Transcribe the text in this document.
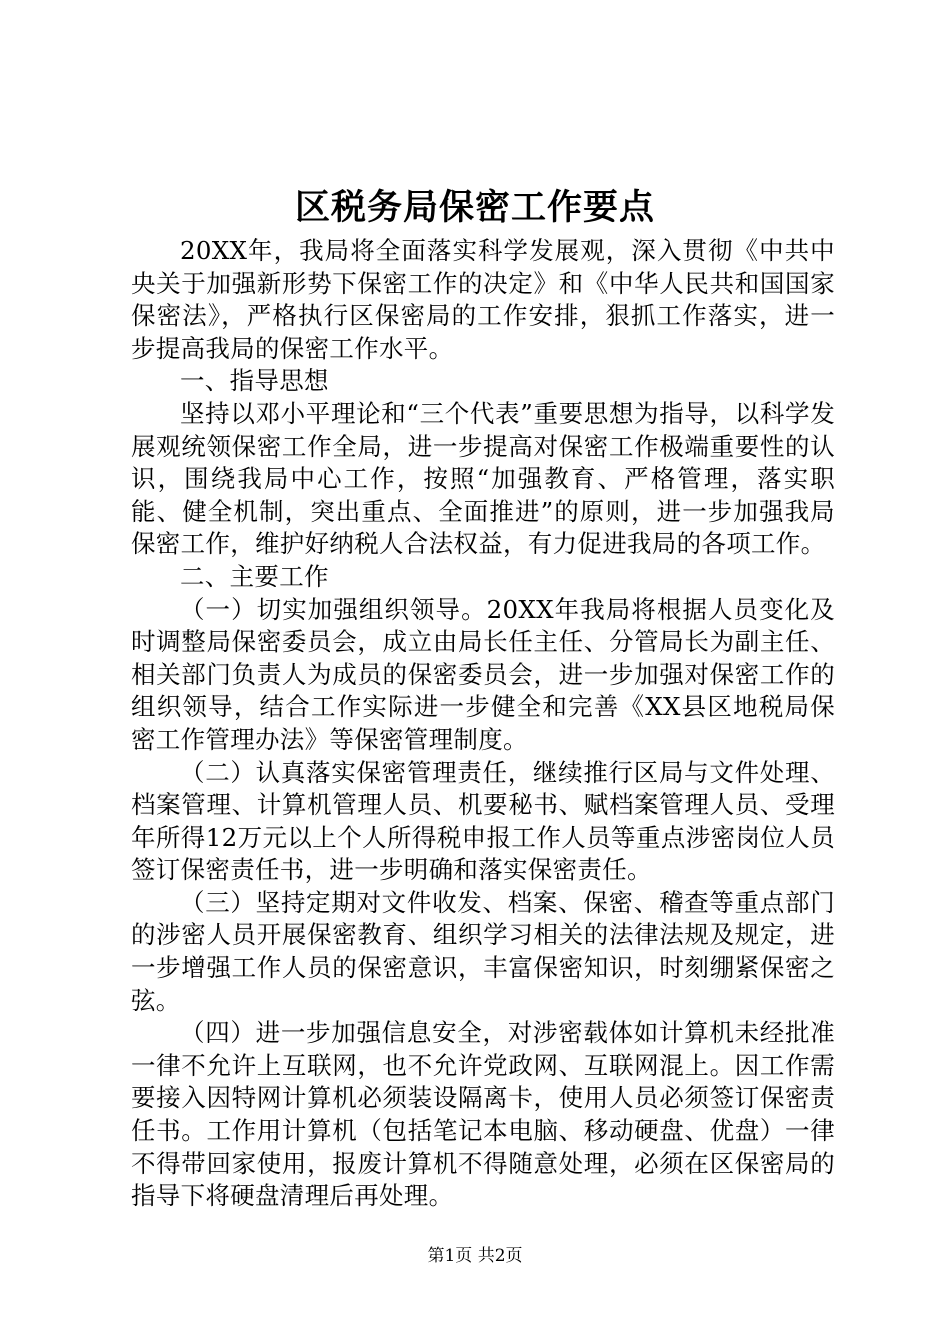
区税务局保密工作要点

20XX年，我局将全面落实科学发展观，深入贯彻《中共中央关于加强新形势下保密工作的决定》和《中华人民共和国国家保密法》，严格执行区保密局的工作安排，狠抓工作落实，进一步提高我局的保密工作水平。

一、指导思想

坚持以邓小平理论和“三个代表”重要思想为指导，以科学发展观统领保密工作全局，进一步提高对保密工作极端重要性的认识，围绕我局中心工作，按照“加强教育、严格管理，落实职能、健全机制，突出重点、全面推进”的原则，进一步加强我局保密工作，维护好纳税人合法权益，有力促进我局的各项工作。

二、主要工作

（一）切实加强组织领导。20XX年我局将根据人员变化及时调整局保密委员会，成立由局长任主任、分管局长为副主任、相关部门负责人为成员的保密委员会，进一步加强对保密工作的组织领导，结合工作实际进一步健全和完善《XX县区地税局保密工作管理办法》等保密管理制度。

（二）认真落实保密管理责任，继续推行区局与文件处理、档案管理、计算机管理人员、机要秘书、赋档案管理人员、受理年所得12万元以上个人所得税申报工作人员等重点涉密岗位人员签订保密责任书，进一步明确和落实保密责任。

（三）坚持定期对文件收发、档案、保密、稽查等重点部门的涉密人员开展保密教育、组织学习相关的法律法规及规定，进一步增强工作人员的保密意识，丰富保密知识，时刻绷紧保密之弦。

（四）进一步加强信息安全，对涉密载体如计算机未经批准一律不允许上互联网，也不允许党政网、互联网混上。因工作需要接入因特网计算机必须装设隔离卡，使用人员必须签订保密责任书。工作用计算机（包括笔记本电脑、移动硬盘、优盘）一律不得带回家使用，报废计算机不得随意处理，必须在区保密局的指导下将硬盘清理后再处理。

第1页 共2页
